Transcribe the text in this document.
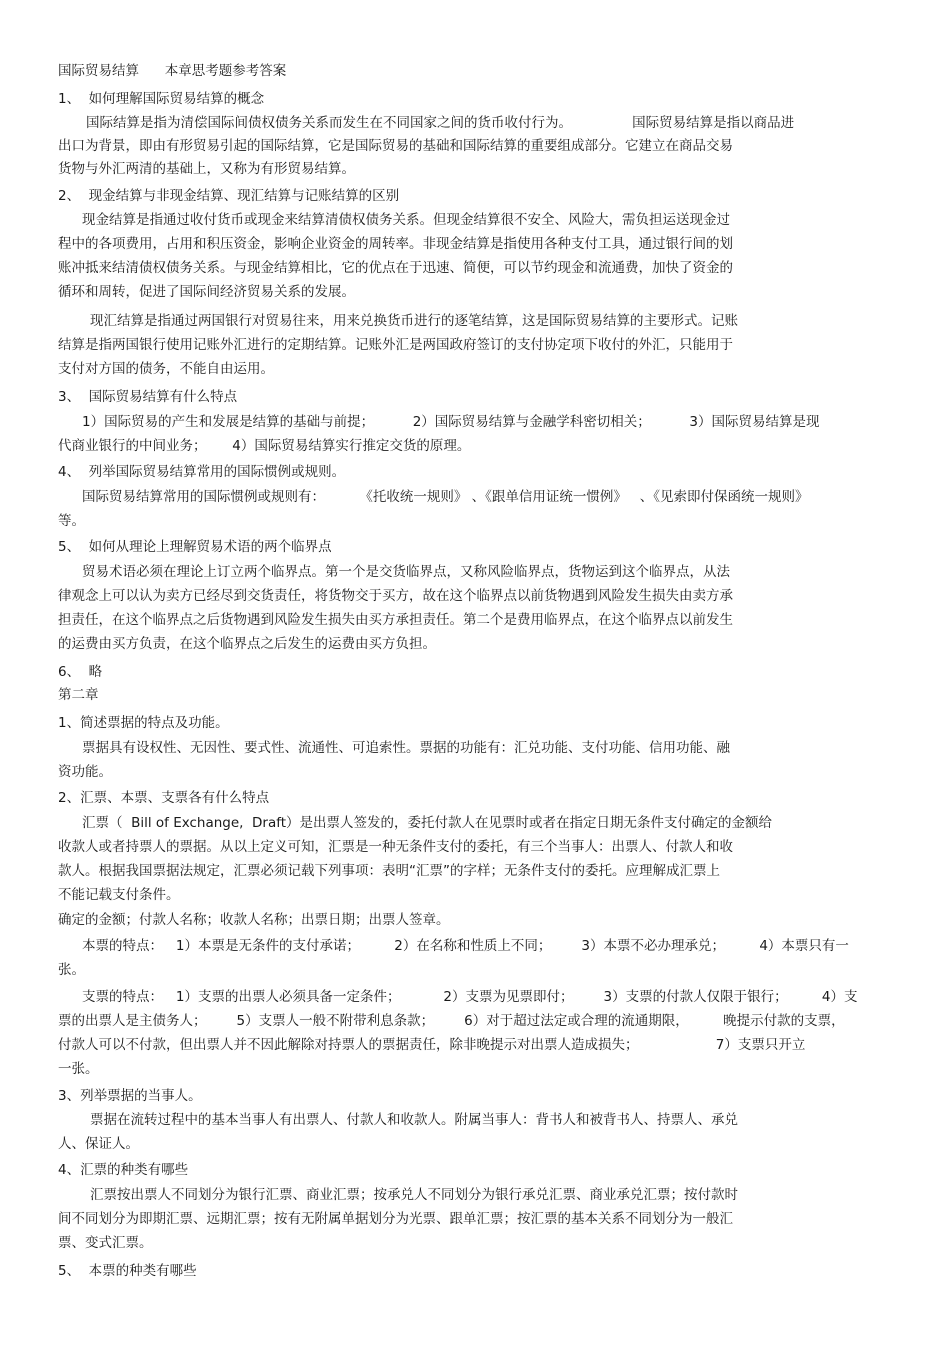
国际贸易结算      本章思考题参考答案
1、  如何理解国际贸易结算的概念
国际结算是指为清偿国际间债权债务关系而发生在不同国家之间的货币收付行为。              国际贸易结算是指以商品进
出口为背景，即由有形贸易引起的国际结算，它是国际贸易的基础和国际结算的重要组成部分。它建立在商品交易
货物与外汇两清的基础上，又称为有形贸易结算。
2、  现金结算与非现金结算、现汇结算与记账结算的区别
现金结算是指通过收付货币或现金来结算清债权债务关系。但现金结算很不安全、风险大，需负担运送现金过
程中的各项费用，占用和积压资金，影响企业资金的周转率。非现金结算是指使用各种支付工具，通过银行间的划
账冲抵来结清债权债务关系。与现金结算相比，它的优点在于迅速、简便，可以节约现金和流通费，加快了资金的
循环和周转，促进了国际间经济贸易关系的发展。
现汇结算是指通过两国银行对贸易往来，用来兑换货币进行的逐笔结算，这是国际贸易结算的主要形式。记账
结算是指两国银行使用记账外汇进行的定期结算。记账外汇是两国政府签订的支付协定项下收付的外汇，只能用于
支付对方国的债务，不能自由运用。
3、  国际贸易结算有什么特点
1）国际贸易的产生和发展是结算的基础与前提；         2）国际贸易结算与金融学科密切相关；         3）国际贸易结算是现
代商业银行的中间业务；      4）国际贸易结算实行推定交货的原理。
4、  列举国际贸易结算常用的国际惯例或规则。
国际贸易结算常用的国际惯例或规则有：        《托收统一规则》 、《跟单信用证统一惯例》   、《见索即付保函统一规则》
等。
5、  如何从理论上理解贸易术语的两个临界点
贸易术语必须在理论上订立两个临界点。第一个是交货临界点，又称风险临界点，货物运到这个临界点，从法
律观念上可以认为卖方已经尽到交货责任，将货物交于买方，故在这个临界点以前货物遇到风险发生损失由卖方承
担责任，在这个临界点之后货物遇到风险发生损失由买方承担责任。第二个是费用临界点，在这个临界点以前发生
的运费由买方负责，在这个临界点之后发生的运费由买方负担。
6、  略
第二章
1、简述票据的特点及功能。
票据具有设权性、无因性、要式性、流通性、可追索性。票据的功能有：汇兑功能、支付功能、信用功能、融
资功能。
2、汇票、本票、支票各有什么特点
汇票（  Bill of Exchange,  Draft）是出票人签发的，委托付款人在见票时或者在指定日期无条件支付确定的金额给
收款人或者持票人的票据。从以上定义可知，汇票是一种无条件支付的委托，有三个当事人：出票人、付款人和收
款人。根据我国票据法规定，汇票必须记载下列事项：表明“汇票”的字样；无条件支付的委托。应理解成汇票上
不能记载支付条件。
确定的金额；付款人名称；收款人名称；出票日期；出票人签章。
本票的特点：   1）本票是无条件的支付承诺；        2）在名称和性质上不同；       3）本票不必办理承兑；        4）本票只有一
张。
支票的特点：   1）支票的出票人必须具备一定条件；          2）支票为见票即付；       3）支票的付款人仅限于银行；        4）支
票的出票人是主债务人；       5）支票人一般不附带利息条款；       6）对于超过法定或合理的流通期限，        晚提示付款的支票，
付款人可以不付款，但出票人并不因此解除对持票人的票据责任，除非晚提示对出票人造成损失；                  7）支票只开立
一张。
3、列举票据的当事人。
票据在流转过程中的基本当事人有出票人、付款人和收款人。附属当事人：背书人和被背书人、持票人、承兑
人、保证人。
4、汇票的种类有哪些
汇票按出票人不同划分为银行汇票、商业汇票；按承兑人不同划分为银行承兑汇票、商业承兑汇票；按付款时
间不同划分为即期汇票、远期汇票；按有无附属单据划分为光票、跟单汇票；按汇票的基本关系不同划分为一般汇
票、变式汇票。
5、  本票的种类有哪些
